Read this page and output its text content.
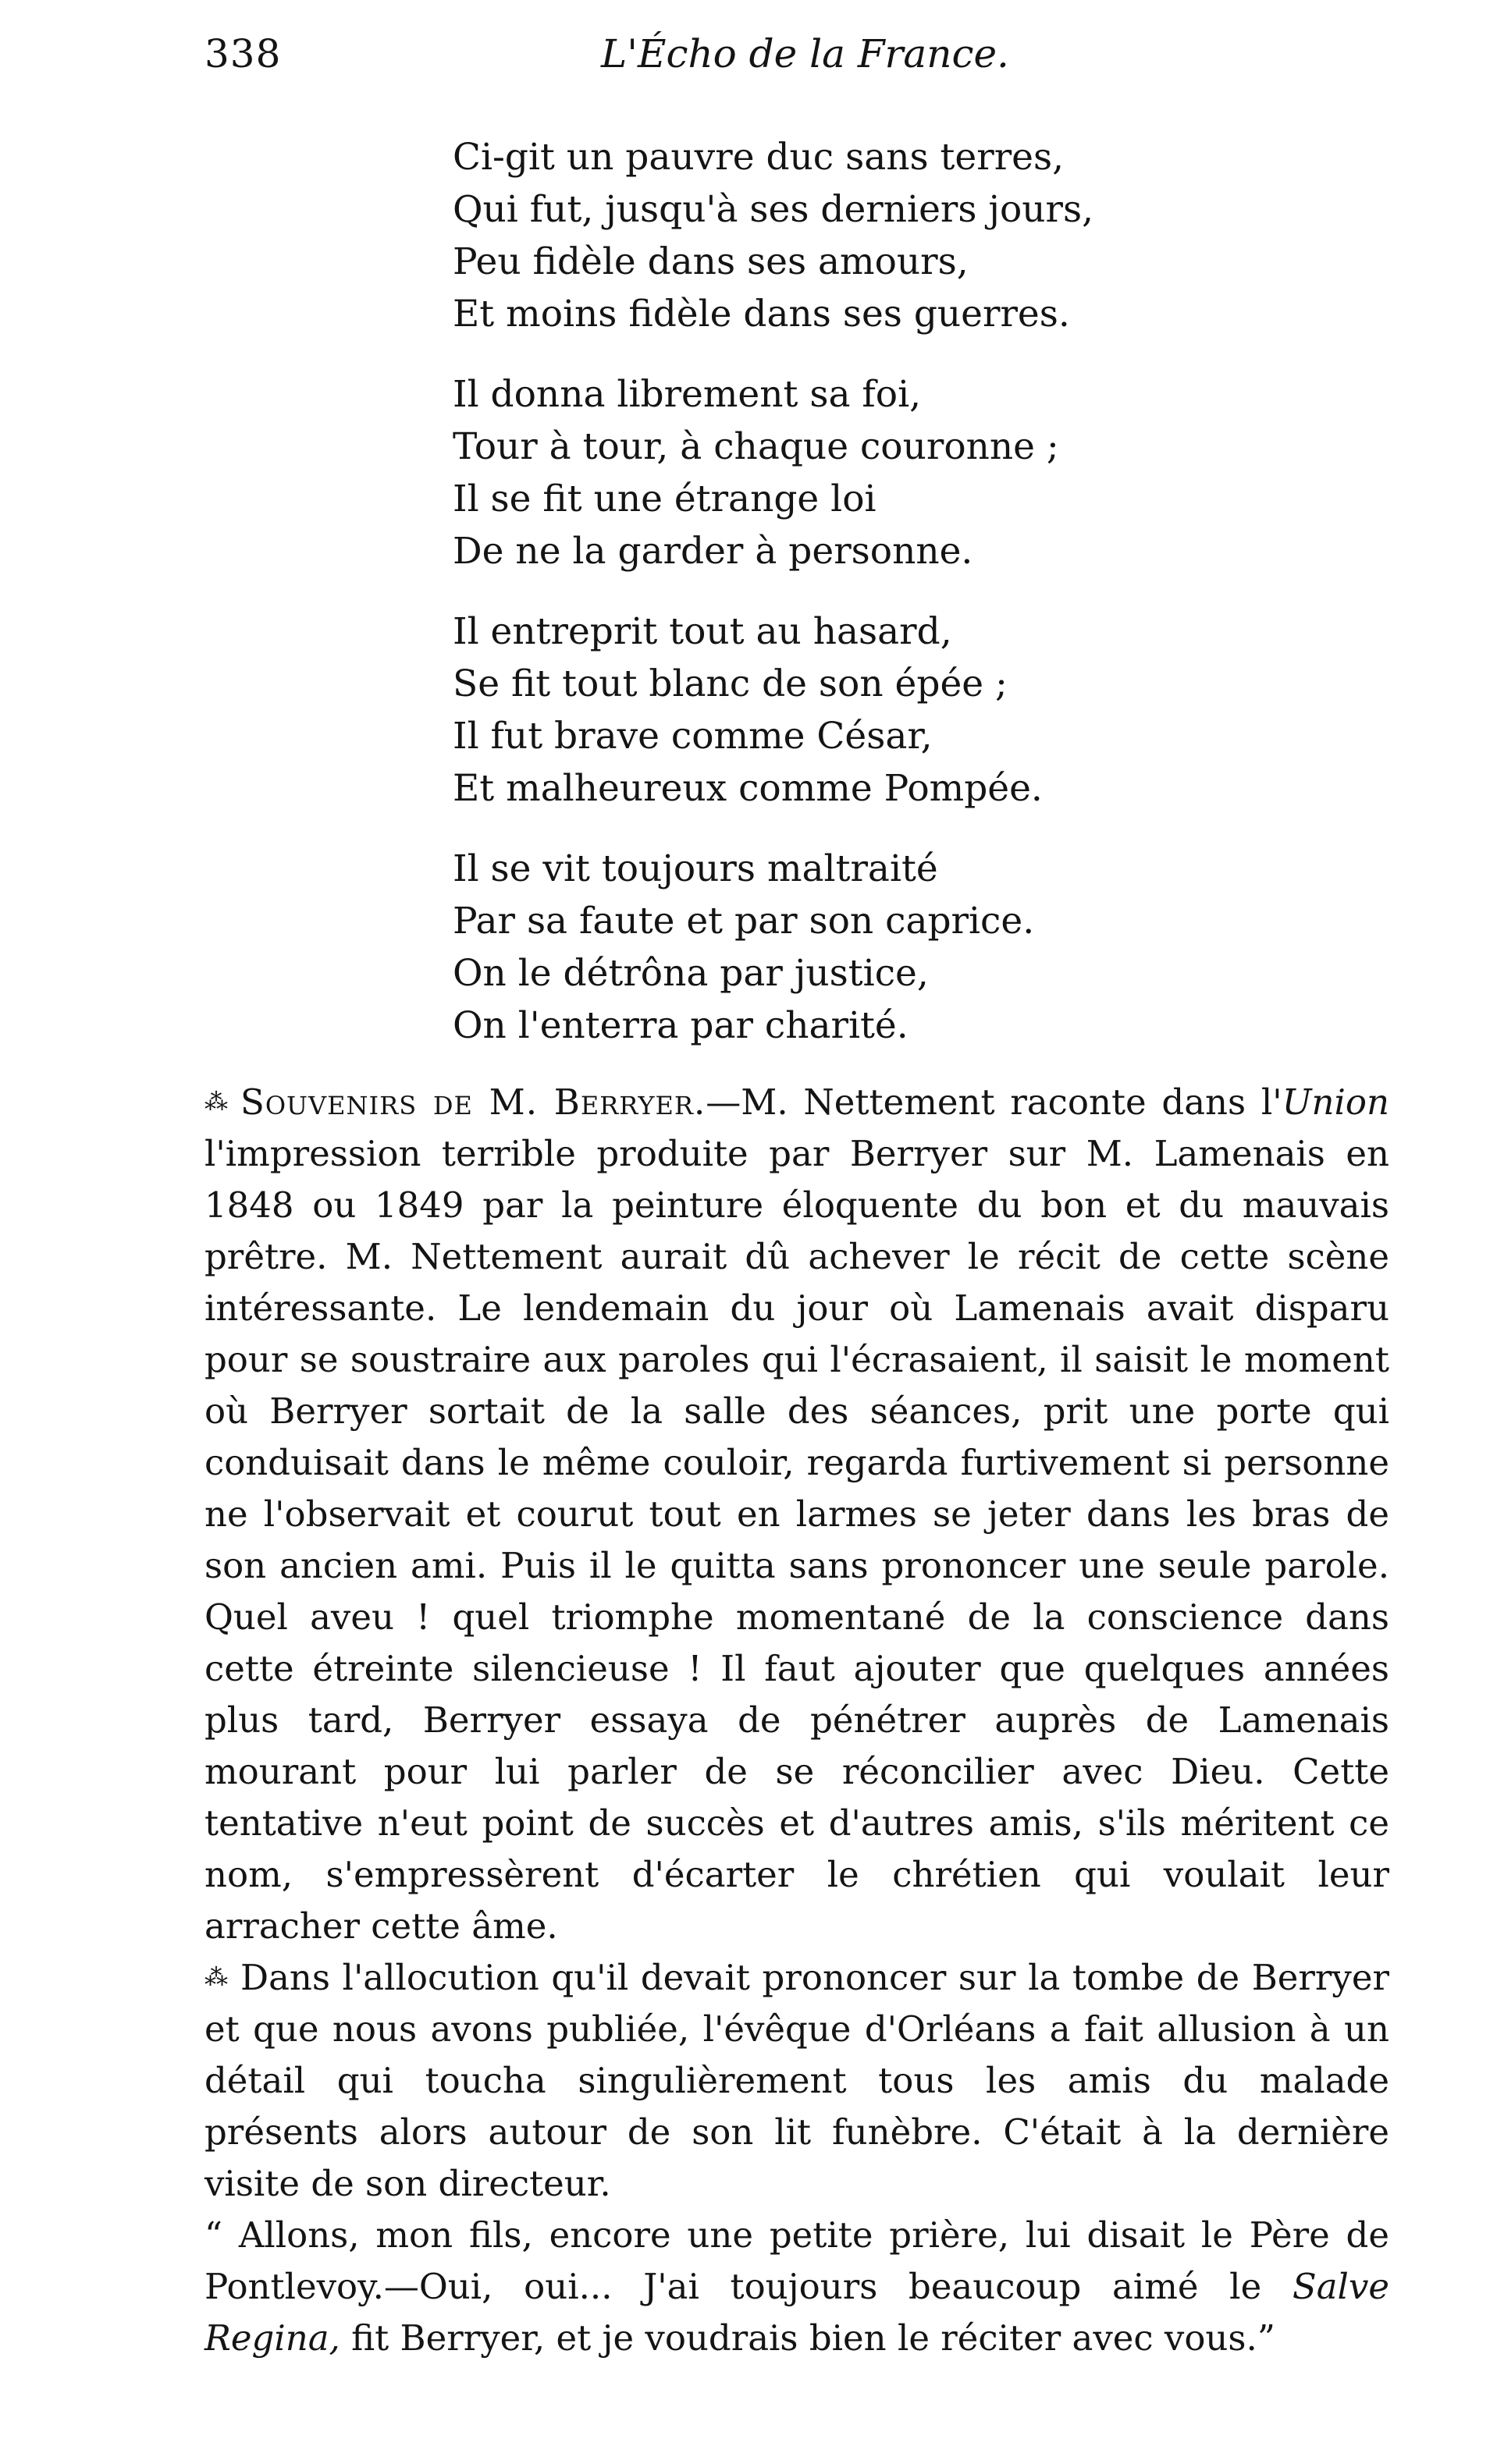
338	L'Écho de la France.
Ci-git un pauvre duc sans terres,
Qui fut, jusqu'à ses derniers jours,
Peu fidèle dans ses amours,
Et moins fidèle dans ses guerres.
Il donna librement sa foi,
Tour à tour, à chaque couronne ;
Il se fit une étrange loi
De ne la garder à personne.
Il entreprit tout au hasard,
Se fit tout blanc de son épée ;
Il fut brave comme César,
Et malheureux comme Pompée.
Il se vit toujours maltraité
Par sa faute et par son caprice.
On le détrôna par justice,
On l'enterra par charité.

⁂ Souvenirs de M. Berryer.—M. Nettement raconte dans l'Union l'impression terrible produite par Berryer sur M. Lamenais en 1848 ou 1849 par la peinture éloquente du bon et du mauvais prêtre. M. Nettement aurait dû achever le récit de cette scène intéressante. Le lendemain du jour où Lamenais avait disparu pour se soustraire aux paroles qui l'écrasaient, il saisit le moment où Berryer sortait de la salle des séances, prit une porte qui conduisait dans le même couloir, regarda furtivement si personne ne l'observait et courut tout en larmes se jeter dans les bras de son ancien ami. Puis il le quitta sans prononcer une seule parole. Quel aveu ! quel triomphe momentané de la conscience dans cette étreinte silencieuse ! Il faut ajouter que quelques années plus tard, Berryer essaya de pénétrer auprès de Lamenais mourant pour lui parler de se réconcilier avec Dieu. Cette tentative n'eut point de succès et d'autres amis, s'ils méritent ce nom, s'empressèrent d'écarter le chrétien qui voulait leur arracher cette âme.

⁂ Dans l'allocution qu'il devait prononcer sur la tombe de Berryer et que nous avons publiée, l'évêque d'Orléans a fait allusion à un détail qui toucha singulièrement tous les amis du malade présents alors autour de son lit funèbre. C'était à la dernière visite de son directeur.

“ Allons, mon fils, encore une petite prière, lui disait le Père de Pontlevoy.—Oui, oui... J'ai toujours beaucoup aimé le Salve Regina, fit Berryer, et je voudrais bien le réciter avec vous.”
